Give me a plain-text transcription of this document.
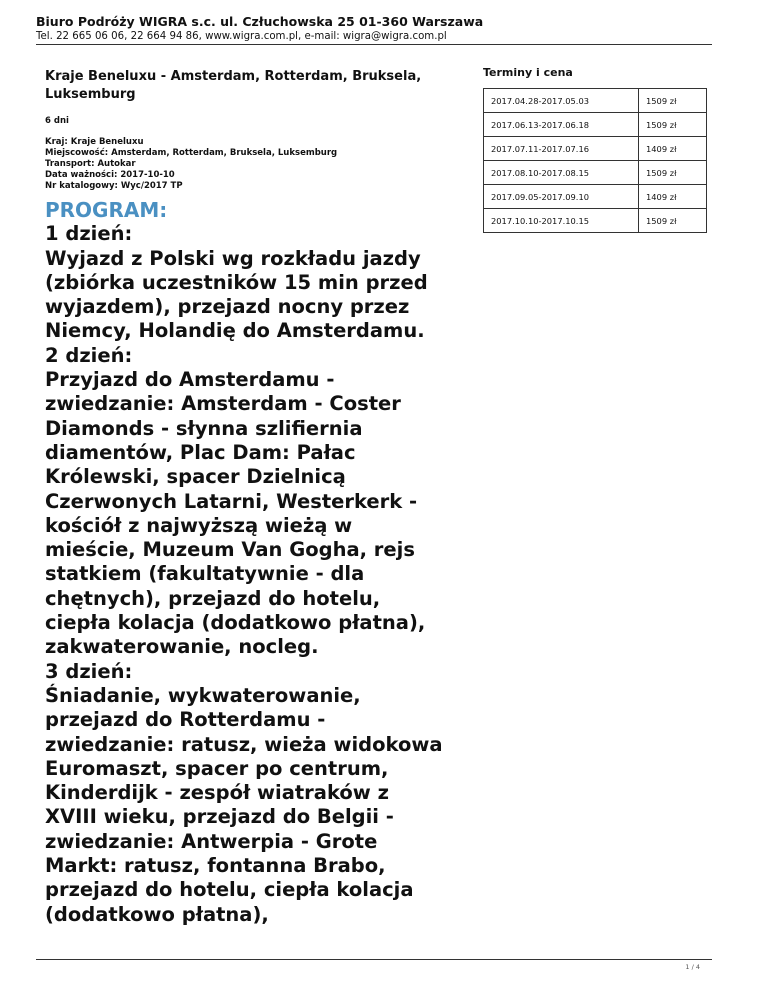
Biuro Podróży WIGRA s.c. ul. Człuchowska 25 01-360 Warszawa
Tel. 22 665 06 06, 22 664 94 86, www.wigra.com.pl, e-mail: wigra@wigra.com.pl
Kraje Beneluxu - Amsterdam, Rotterdam, Bruksela, Luksemburg
6 dni
Kraj: Kraje Beneluxu
Miejscowość: Amsterdam, Rotterdam, Bruksela, Luksemburg
Transport: Autokar
Data ważności: 2017-10-10
Nr katalogowy: Wyc/2017 TP
PROGRAM:
1 dzień:
Wyjazd z Polski wg rozkładu jazdy
(zbiórka uczestników 15 min przed
wyjazdem), przejazd nocny przez
Niemcy, Holandię do Amsterdamu.
2 dzień:
Przyjazd do Amsterdamu -
zwiedzanie: Amsterdam - Coster
Diamonds - słynna szlifiernia
diamentów, Plac Dam: Pałac
Królewski, spacer Dzielnicą
Czerwonych Latarni, Westerkerk -
kościół z najwyższą wieżą w
mieście, Muzeum Van Gogha, rejs
statkiem (fakultatywnie - dla
chętnych), przejazd do hotelu,
ciepła kolacja (dodatkowo płatna),
zakwaterowanie, nocleg.
3 dzień:
Śniadanie, wykwaterowanie,
przejazd do Rotterdamu -
zwiedzanie: ratusz, wieża widokowa
Euromaszt, spacer po centrum,
Kinderdijk - zespół wiatraków z
XVIII wieku, przejazd do Belgii -
zwiedzanie: Antwerpia - Grote
Markt: ratusz, fontanna Brabo,
przejazd do hotelu, ciepła kolacja
(dodatkowo płatna),
Terminy i cena
2017.04.28-2017.05.03	1509 zł
2017.06.13-2017.06.18	1509 zł
2017.07.11-2017.07.16	1409 zł
2017.08.10-2017.08.15	1509 zł
2017.09.05-2017.09.10	1409 zł
2017.10.10-2017.10.15	1509 zł
1 / 4
